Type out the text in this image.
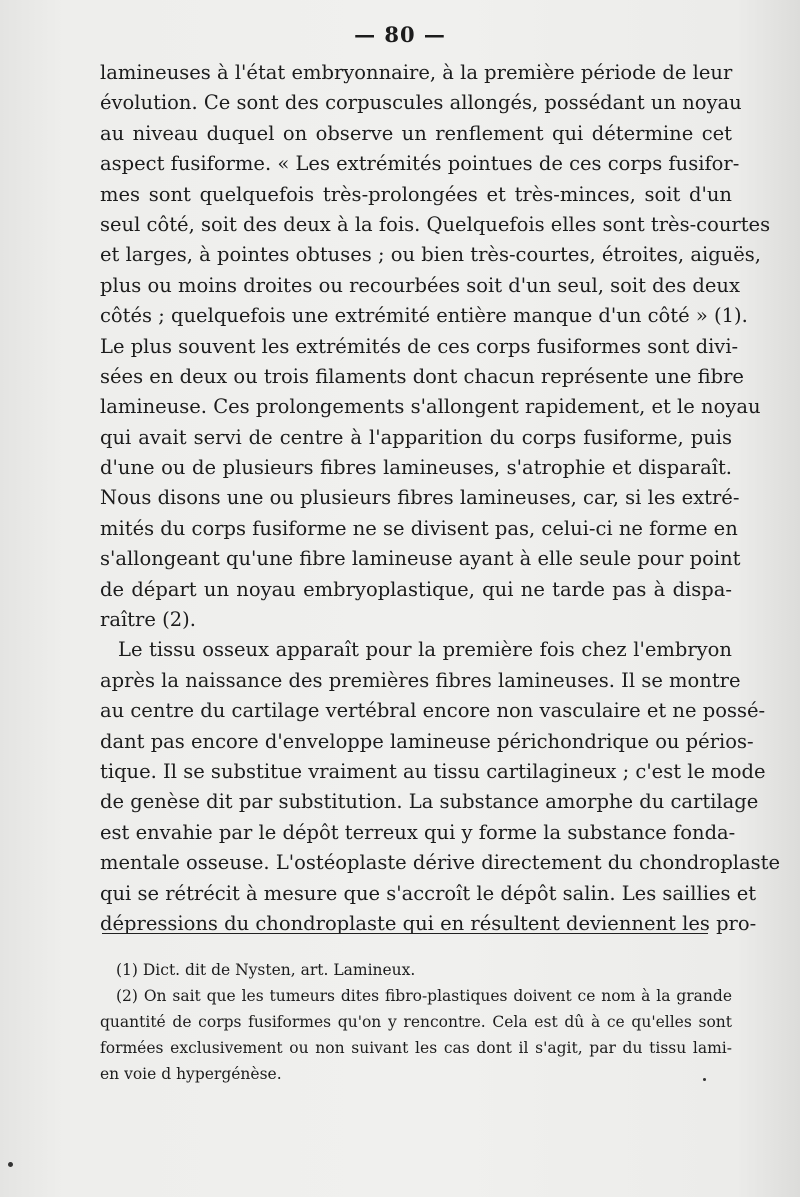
— 80 —
lamineuses à l'état embryonnaire, à la première période de leur
évolution. Ce sont des corpuscules allongés, possédant un noyau
au niveau duquel on observe un renflement qui détermine cet
aspect fusiforme. « Les extrémités pointues de ces corps fusifor-
mes sont quelquefois très-prolongées et très-minces, soit d'un
seul côté, soit des deux à la fois. Quelquefois elles sont très-courtes
et larges, à pointes obtuses ; ou bien très-courtes, étroites, aiguës,
plus ou moins droites ou recourbées soit d'un seul, soit des deux
côtés ; quelquefois une extrémité entière manque d'un côté » (1).
Le plus souvent les extrémités de ces corps fusiformes sont divi-
sées en deux ou trois filaments dont chacun représente une fibre
lamineuse. Ces prolongements s'allongent rapidement, et le noyau
qui avait servi de centre à l'apparition du corps fusiforme, puis
d'une ou de plusieurs fibres lamineuses, s'atrophie et disparaît.
Nous disons une ou plusieurs fibres lamineuses, car, si les extré-
mités du corps fusiforme ne se divisent pas, celui-ci ne forme en
s'allongeant qu'une fibre lamineuse ayant à elle seule pour point
de départ un noyau embryoplastique, qui ne tarde pas à dispa-
raître (2).
Le tissu osseux apparaît pour la première fois chez l'embryon
après la naissance des premières fibres lamineuses. Il se montre
au centre du cartilage vertébral encore non vasculaire et ne possé-
dant pas encore d'enveloppe lamineuse périchondrique ou périos-
tique. Il se substitue vraiment au tissu cartilagineux ; c'est le mode
de genèse dit par substitution. La substance amorphe du cartilage
est envahie par le dépôt terreux qui y forme la substance fonda-
mentale osseuse. L'ostéoplaste dérive directement du chondroplaste
qui se rétrécit à mesure que s'accroît le dépôt salin. Les saillies et
dépressions du chondroplaste qui en résultent deviennent les pro-
(1) Dict. dit de Nysten, art. Lamineux.
(2) On sait que les tumeurs dites fibro-plastiques doivent ce nom à la grande
quantité de corps fusiformes qu'on y rencontre. Cela est dû à ce qu'elles sont
formées exclusivement ou non suivant les cas dont il s'agit, par du tissu lami-
en voie d hypergénèse.
